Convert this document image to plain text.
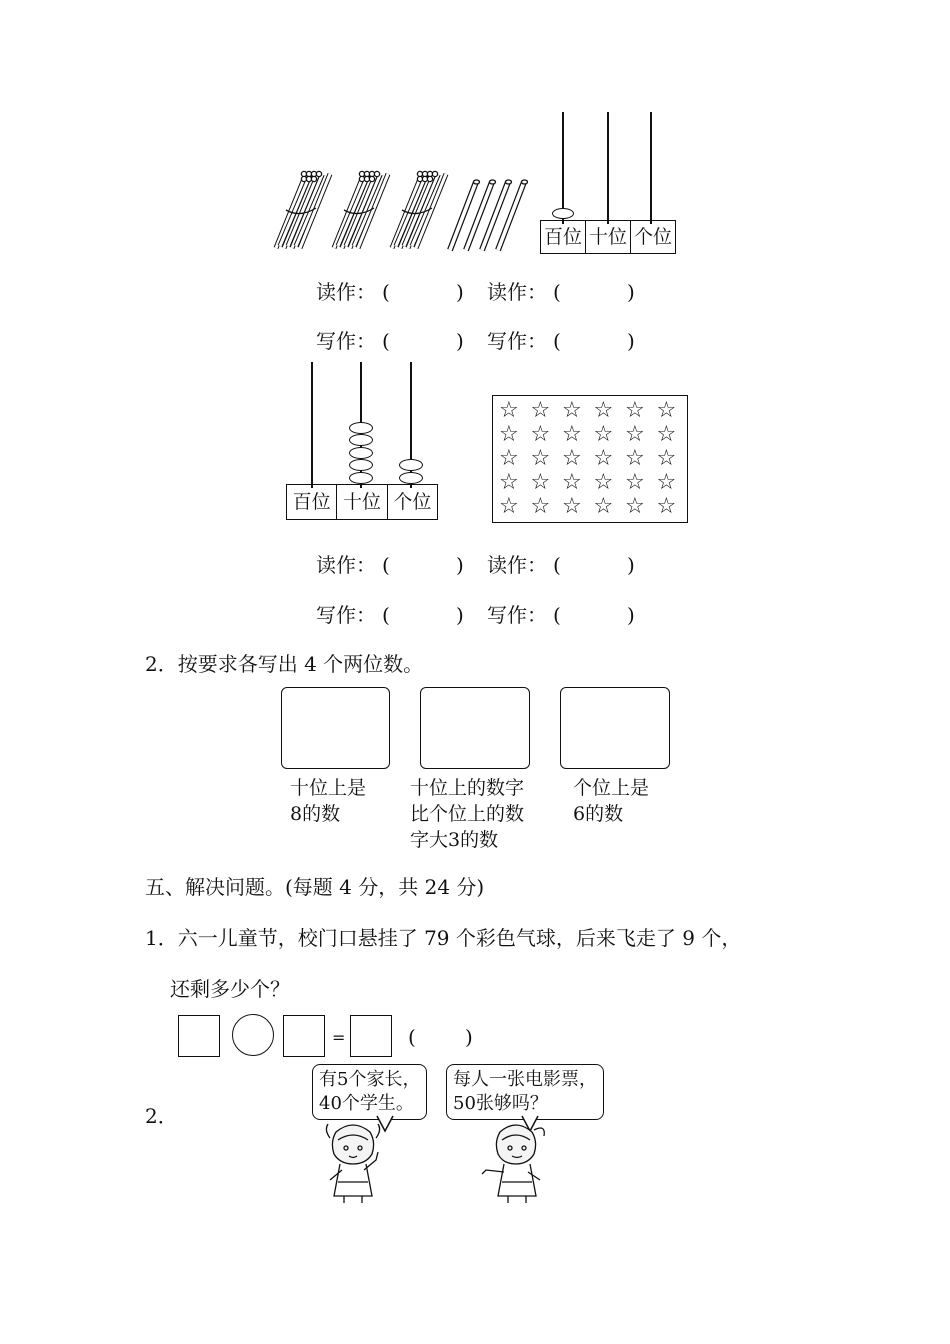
百位 十位 个位
读作： (	) 读作： (	)
写作： (	) 写作： (	)
百位 十位 个位
☆ ☆ ☆ ☆ ☆ ☆
☆ ☆ ☆ ☆ ☆ ☆
☆ ☆ ☆ ☆ ☆ ☆
☆ ☆ ☆ ☆ ☆ ☆
☆ ☆ ☆ ☆ ☆ ☆
读作： (	) 读作： (	)
写作： (	) 写作： (	)
2．按要求各写出 4 个两位数。
十位上是
8的数
十位上的数字
比个位上的数
字大3的数
个位上是
6的数
五、解决问题。(每题 4 分，共 24 分)
1．六一儿童节，校门口悬挂了 79 个彩色气球，后来飞走了 9 个，
还剩多少个？
=	( )
2．
有5个家长，
40个学生。
每人一张电影票，
50张够吗？
